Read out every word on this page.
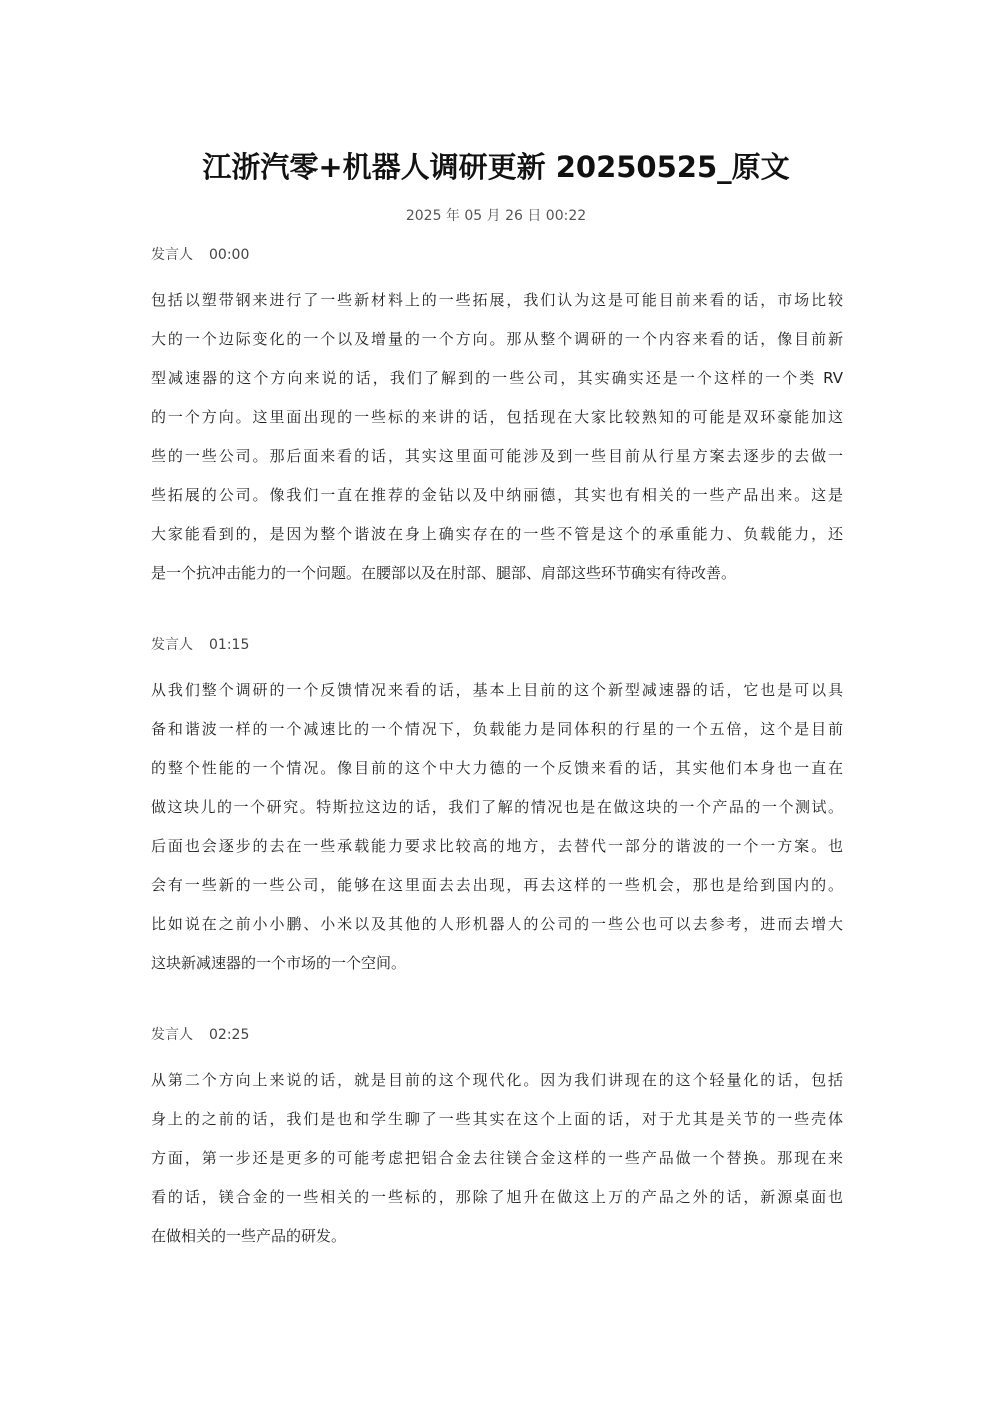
江浙汽零+机器人调研更新 20250525_原文
2025 年 05 月 26 日 00:22
发言人 00:00
包括以塑带钢来进行了一些新材料上的一些拓展，我们认为这是可能目前来看的话，市场比较
大的一个边际变化的一个以及增量的一个方向。那从整个调研的一个内容来看的话，像目前新
型减速器的这个方向来说的话，我们了解到的一些公司，其实确实还是一个这样的一个类 RV
的一个方向。这里面出现的一些标的来讲的话，包括现在大家比较熟知的可能是双环豪能加这
些的一些公司。那后面来看的话，其实这里面可能涉及到一些目前从行星方案去逐步的去做一
些拓展的公司。像我们一直在推荐的金钻以及中纳丽德，其实也有相关的一些产品出来。这是
大家能看到的，是因为整个谐波在身上确实存在的一些不管是这个的承重能力、负载能力，还
是一个抗冲击能力的一个问题。在腰部以及在肘部、腿部、肩部这些环节确实有待改善。
发言人 01:15
从我们整个调研的一个反馈情况来看的话，基本上目前的这个新型减速器的话，它也是可以具
备和谐波一样的一个减速比的一个情况下，负载能力是同体积的行星的一个五倍，这个是目前
的整个性能的一个情况。像目前的这个中大力德的一个反馈来看的话，其实他们本身也一直在
做这块儿的一个研究。特斯拉这边的话，我们了解的情况也是在做这块的一个产品的一个测试。
后面也会逐步的去在一些承载能力要求比较高的地方，去替代一部分的谐波的一个一方案。也
会有一些新的一些公司，能够在这里面去去出现，再去这样的一些机会，那也是给到国内的。
比如说在之前小小鹏、小米以及其他的人形机器人的公司的一些公也可以去参考，进而去增大
这块新减速器的一个市场的一个空间。
发言人 02:25
从第二个方向上来说的话，就是目前的这个现代化。因为我们讲现在的这个轻量化的话，包括
身上的之前的话，我们是也和学生聊了一些其实在这个上面的话，对于尤其是关节的一些壳体
方面，第一步还是更多的可能考虑把铝合金去往镁合金这样的一些产品做一个替换。那现在来
看的话，镁合金的一些相关的一些标的，那除了旭升在做这上万的产品之外的话，新源桌面也
在做相关的一些产品的研发。
